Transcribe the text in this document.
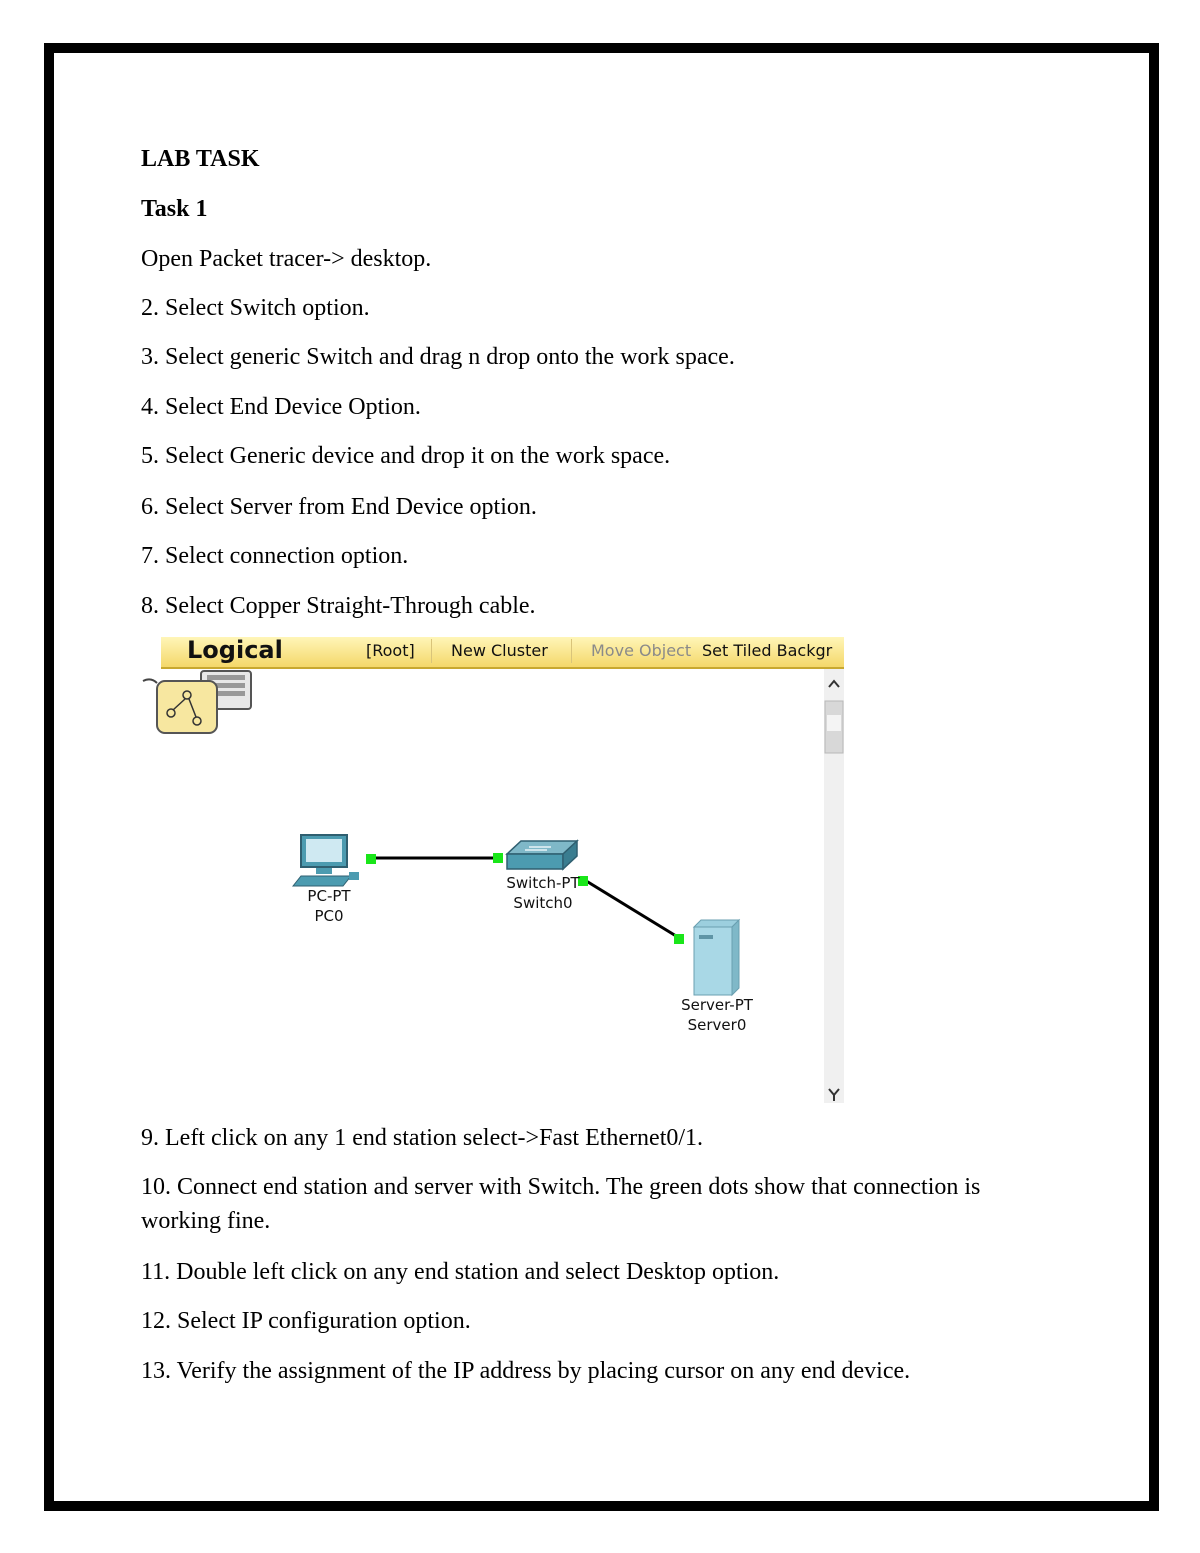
LAB TASK
Task 1
Open Packet tracer-> desktop.
2. Select Switch option.
3. Select generic Switch and drag n drop onto the work space.
4. Select End Device Option.
5. Select Generic device and drop it on the work space.
6. Select Server from End Device option.
7. Select connection option.
8. Select Copper Straight-Through cable.
9. Left click on any 1 end station select->Fast Ethernet0/1.
10. Connect end station and server with Switch. The green dots show that connection is working fine.
11. Double left click on any end station and select Desktop option.
12. Select IP configuration option.
13. Verify the assignment of the IP address by placing cursor on any end device.
Logical	[Root] New Cluster	Move Object Set Tiled Backgr
PC-PT
PC0
Switch-PT
Switch0
Server-PT
Server0
